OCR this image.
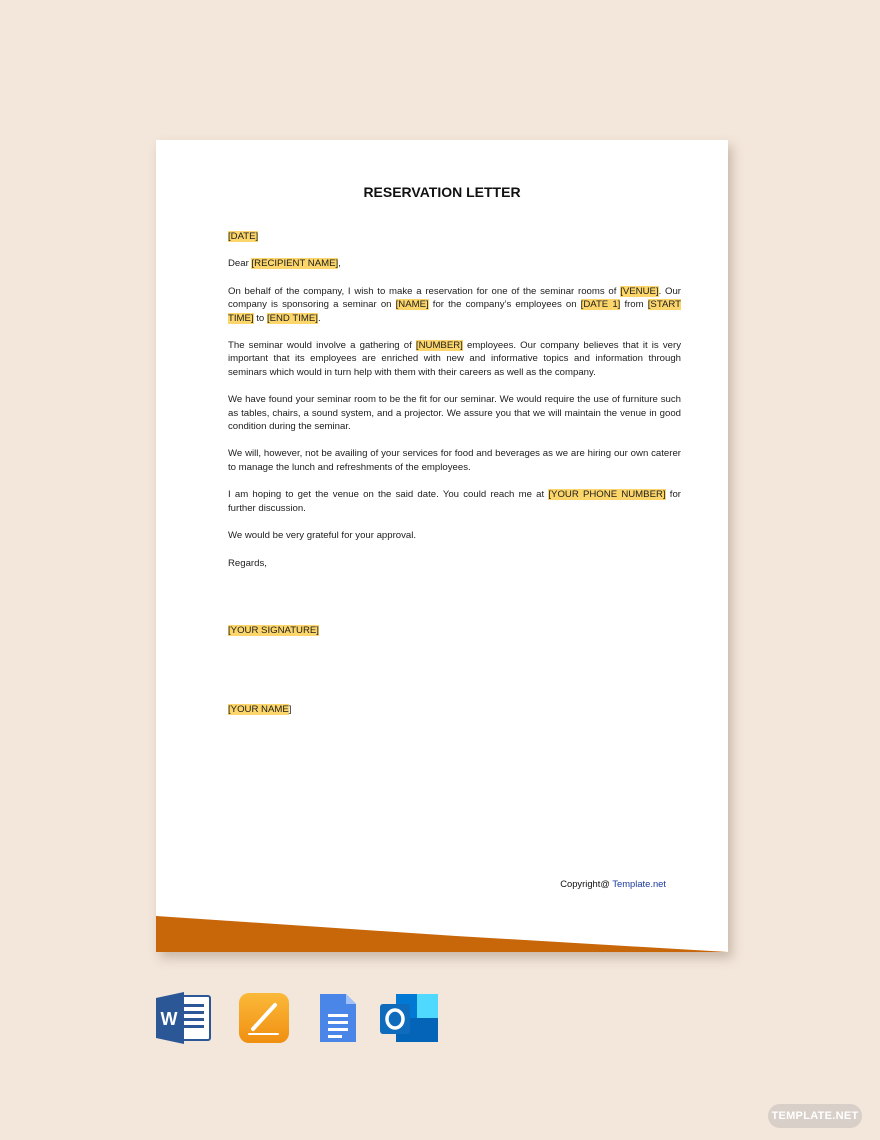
RESERVATION LETTER

[DATE]

Dear [RECIPIENT NAME],

On behalf of the company, I wish to make a reservation for one of the seminar rooms of [VENUE]. Our company is sponsoring a seminar on [NAME] for the company’s employees on [DATE 1] from [START TIME] to [END TIME].

The seminar would involve a gathering of [NUMBER] employees. Our company believes that it is very important that its employees are enriched with new and informative topics and information through seminars which would in turn help with them with their careers as well as the company.

We have found your seminar room to be the fit for our seminar. We would require the use of furniture such as tables, chairs, a sound system, and a projector. We assure you that we will maintain the venue in good condition during the seminar.

We will, however, not be availing of your services for food and beverages as we are hiring our own caterer to manage the lunch and refreshments of the employees.

I am hoping to get the venue on the said date. You could reach me at [YOUR PHONE NUMBER] for further discussion.

We would be very grateful for your approval.

Regards,

[YOUR SIGNATURE]

[YOUR NAME]

Copyright@ Template.net
W
TEMPLATE.NET
